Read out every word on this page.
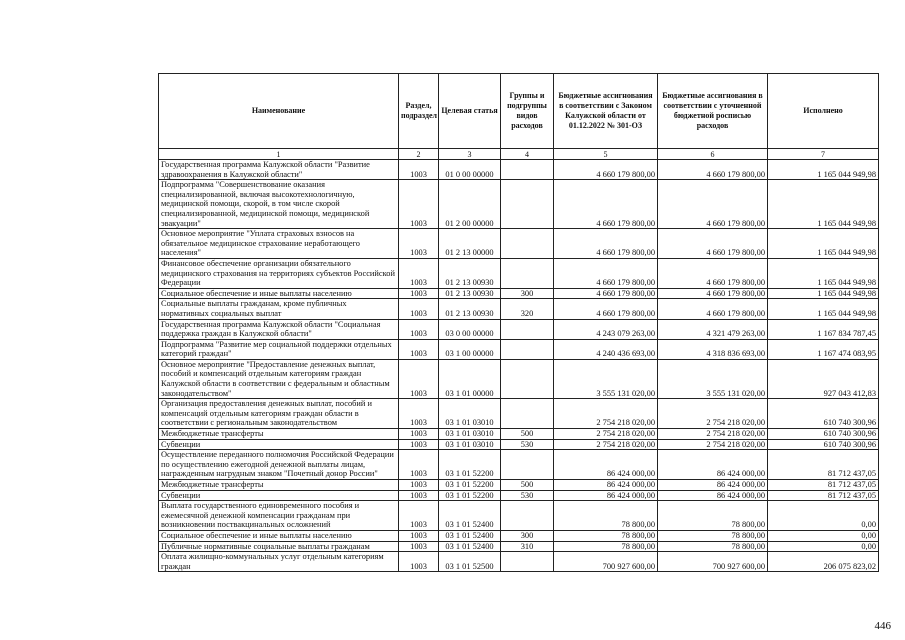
Наименование	Раздел, подраздел	Целевая статья	Группы и подгруппы видов расходов	Бюджетные ассигнования в соответствии с Законом Калужской области от 01.12.2022 № 301-ОЗ	Бюджетные ассигнования в соответствии с уточненной бюджетной росписью расходов	Исполнено
1	2	3	4	5	6	7
Государственная программа Калужской области "Развитие здравоохранения в Калужской области"	1003	01 0 00 00000		4 660 179 800,00	4 660 179 800,00	1 165 044 949,98
Подпрограмма "Совершенствование оказания специализированной, включая высокотехнологичную, медицинской помощи, скорой, в том числе скорой специализированной, медицинской помощи, медицинской эвакуации"	1003	01 2 00 00000		4 660 179 800,00	4 660 179 800,00	1 165 044 949,98
Основное мероприятие "Уплата страховых взносов на обязательное медицинское страхование неработающего населения"	1003	01 2 13 00000		4 660 179 800,00	4 660 179 800,00	1 165 044 949,98
Финансовое обеспечение организации обязательного медицинского страхования на территориях субъектов Российской Федерации	1003	01 2 13 00930		4 660 179 800,00	4 660 179 800,00	1 165 044 949,98
Социальное обеспечение и иные выплаты населению	1003	01 2 13 00930	300	4 660 179 800,00	4 660 179 800,00	1 165 044 949,98
Социальные выплаты гражданам, кроме публичных нормативных социальных выплат	1003	01 2 13 00930	320	4 660 179 800,00	4 660 179 800,00	1 165 044 949,98
Государственная программа Калужской области "Социальная поддержка граждан в Калужской области"	1003	03 0 00 00000		4 243 079 263,00	4 321 479 263,00	1 167 834 787,45
Подпрограмма "Развитие мер социальной поддержки отдельных категорий граждан"	1003	03 1 00 00000		4 240 436 693,00	4 318 836 693,00	1 167 474 083,95
Основное мероприятие "Предоставление денежных выплат, пособий и компенсаций отдельным категориям граждан Калужской области в соответствии с федеральным и областным законодательством"	1003	03 1 01 00000		3 555 131 020,00	3 555 131 020,00	927 043 412,83
Организация предоставления денежных выплат, пособий и компенсаций отдельным категориям граждан области в соответствии с региональным законодательством	1003	03 1 01 03010		2 754 218 020,00	2 754 218 020,00	610 740 300,96
Межбюджетные трансферты	1003	03 1 01 03010	500	2 754 218 020,00	2 754 218 020,00	610 740 300,96
Субвенции	1003	03 1 01 03010	530	2 754 218 020,00	2 754 218 020,00	610 740 300,96
Осуществление переданного полномочия Российской Федерации по осуществлению ежегодной денежной выплаты лицам, награжденным нагрудным знаком "Почетный донор России"	1003	03 1 01 52200		86 424 000,00	86 424 000,00	81 712 437,05
Межбюджетные трансферты	1003	03 1 01 52200	500	86 424 000,00	86 424 000,00	81 712 437,05
Субвенции	1003	03 1 01 52200	530	86 424 000,00	86 424 000,00	81 712 437,05
Выплата государственного единовременного пособия и ежемесячной денежной компенсации гражданам при возникновении поствакцинальных осложнений	1003	03 1 01 52400		78 800,00	78 800,00	0,00
Социальное обеспечение и иные выплаты населению	1003	03 1 01 52400	300	78 800,00	78 800,00	0,00
Публичные нормативные социальные выплаты гражданам	1003	03 1 01 52400	310	78 800,00	78 800,00	0,00
Оплата жилищно-коммунальных услуг отдельным категориям граждан	1003	03 1 01 52500		700 927 600,00	700 927 600,00	206 075 823,02
446
